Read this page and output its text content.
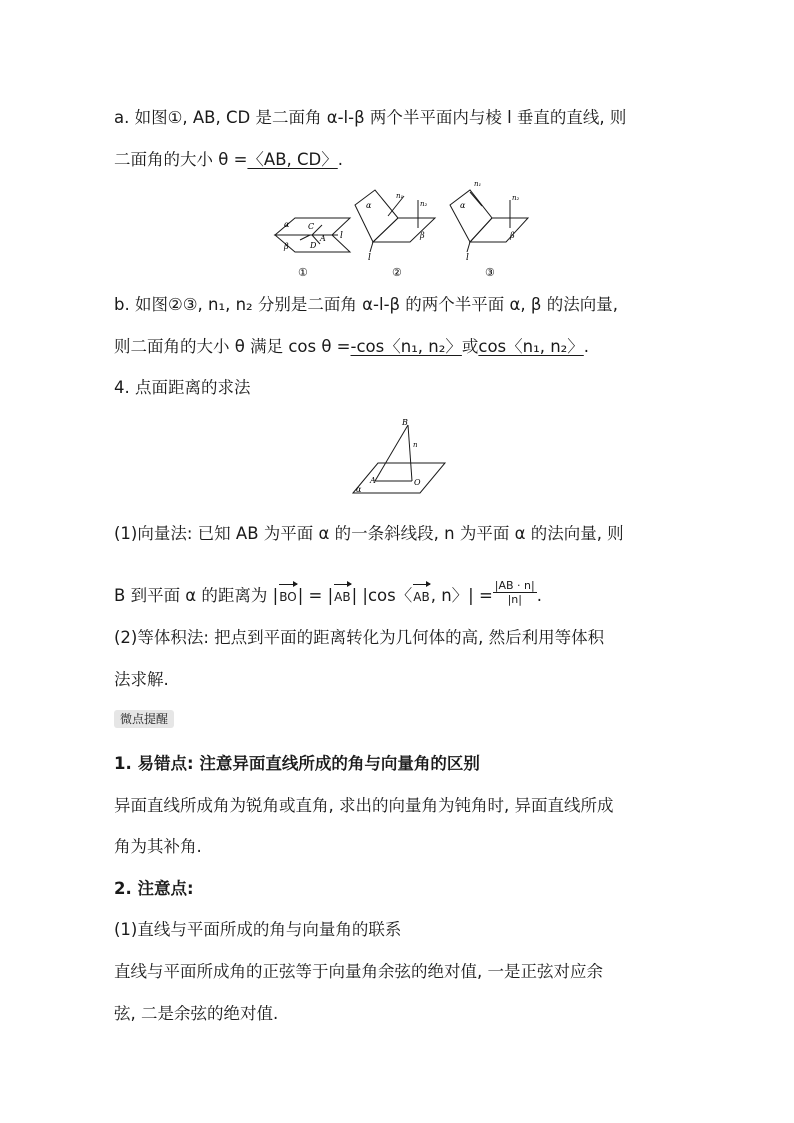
a. 如图①, AB, CD 是二面角 α-l-β 两个半平面内与棱 l 垂直的直线, 则
二面角的大小 θ =〈AB, CD〉.
α
β
l
C
A
D
①
α
β
l
n₁
n₂
②
α
β
l
n₁
n₂
③
b. 如图②③, n₁, n₂ 分别是二面角 α-l-β 的两个半平面 α, β 的法向量,
则二面角的大小 θ 满足 cos θ =-cos〈n₁, n₂〉或cos〈n₁, n₂〉.
4. 点面距离的求法
B
n
A	O
α
(1)向量法: 已知 AB 为平面 α 的一条斜线段, n 为平面 α 的法向量, 则
B 到平面 α 的距离为 |BO| = |AB| |cos〈AB, n〉| = $\frac{|AB \cdot n|}{|n|}$ .
(2)等体积法: 把点到平面的距离转化为几何体的高, 然后利用等体积
法求解.
微点提醒
1. 易错点: 注意异面直线所成的角与向量角的区别
异面直线所成角为锐角或直角, 求出的向量角为钝角时, 异面直线所成
角为其补角.
2. 注意点:
(1)直线与平面所成的角与向量角的联系
直线与平面所成角的正弦等于向量角余弦的绝对值, 一是正弦对应余
弦, 二是余弦的绝对值.
